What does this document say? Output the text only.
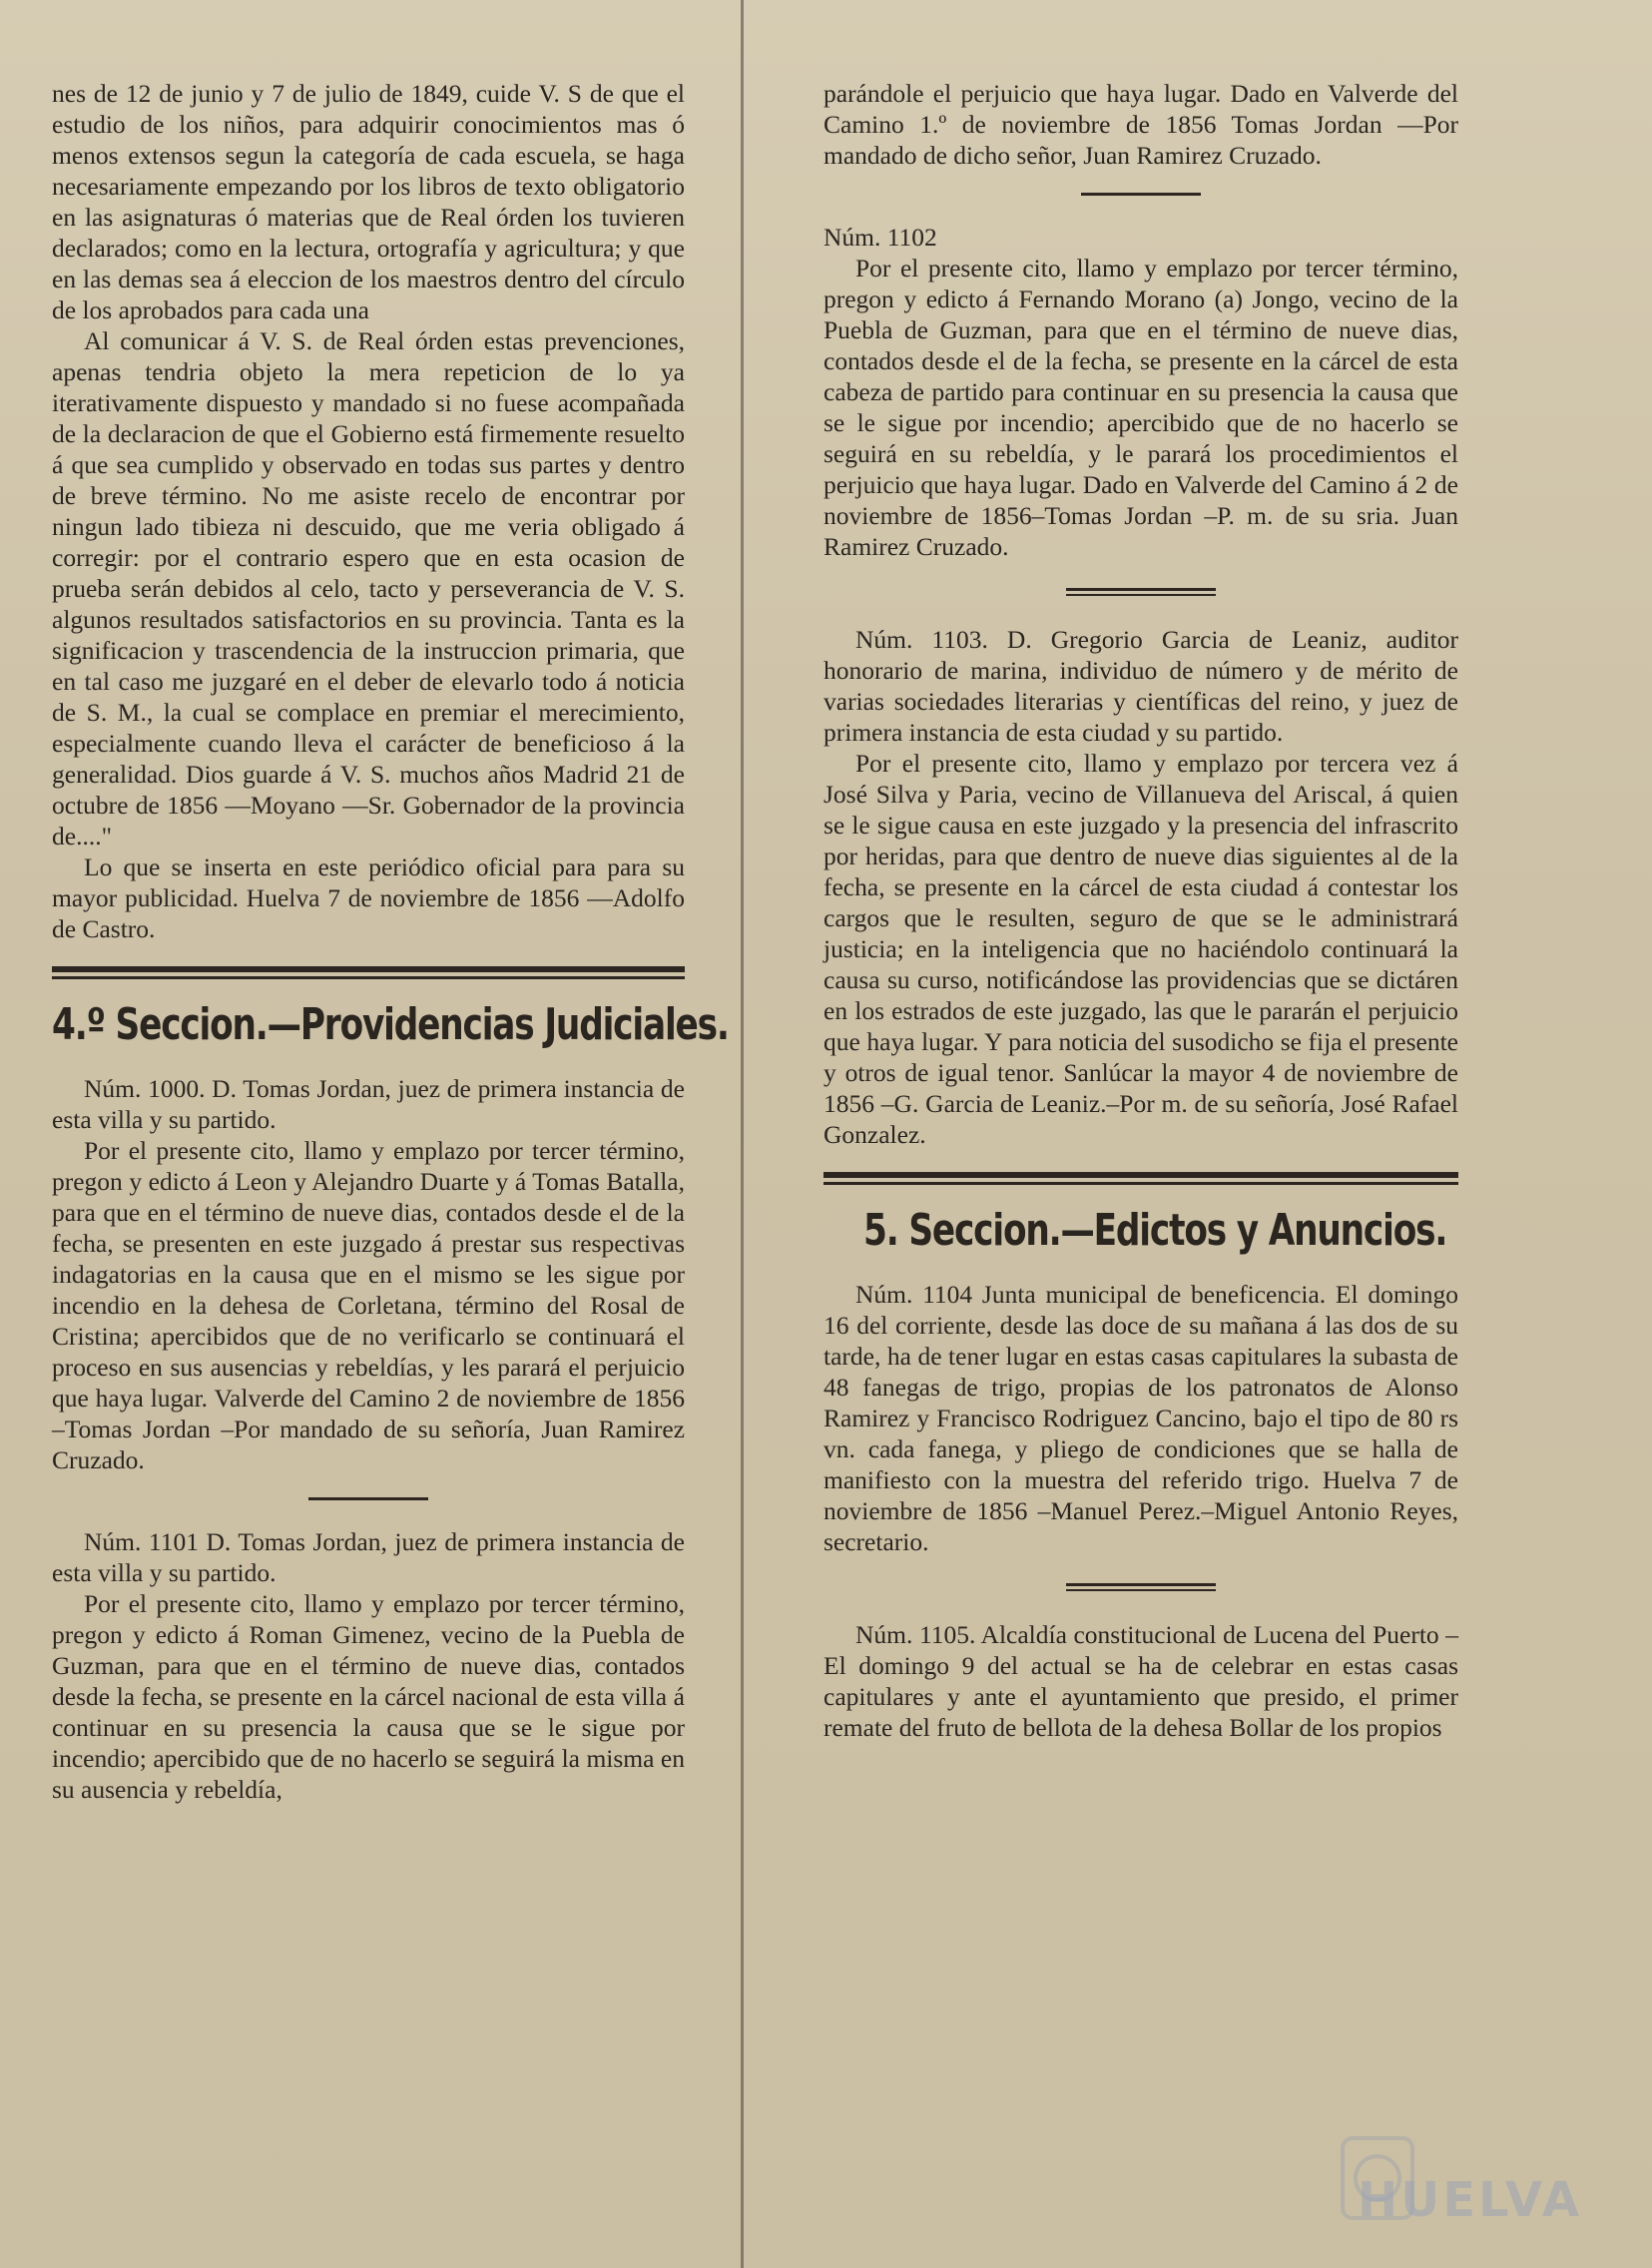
nes de 12 de junio y 7 de julio de 1849, cuide V. S de que el estudio de los niños, para adquirir conocimientos mas ó menos extensos segun la categoría de cada escuela, se haga necesariamente empezando por los libros de texto obligatorio en las asignaturas ó materias que de Real órden los tuvieren declarados; como en la lectura, ortografía y agricultura; y que en las demas sea á eleccion de los maestros dentro del círculo de los aprobados para cada una

Al comunicar á V. S. de Real órden estas prevenciones, apenas tendria objeto la mera repeticion de lo ya iterativamente dispuesto y mandado si no fuese acompañada de la declaracion de que el Gobierno está firmemente resuelto á que sea cumplido y observado en todas sus partes y dentro de breve término. No me asiste recelo de encontrar por ningun lado tibieza ni descuido, que me veria obligado á corregir: por el contrario espero que en esta ocasion de prueba serán debidos al celo, tacto y perseverancia de V. S. algunos resultados satisfactorios en su provincia. Tanta es la significacion y trascendencia de la instruccion primaria, que en tal caso me juzgaré en el deber de elevarlo todo á noticia de S. M., la cual se complace en premiar el merecimiento, especialmente cuando lleva el carácter de beneficioso á la generalidad. Dios guarde á V. S. muchos años Madrid 21 de octubre de 1856 —Moyano —Sr. Gobernador de la provincia de...."

Lo que se inserta en este periódico oficial para para su mayor publicidad. Huelva 7 de noviembre de 1856 —Adolfo de Castro.

4.º Seccion.—Providencias Judiciales.

Núm. 1000. D. Tomas Jordan, juez de primera instancia de esta villa y su partido.

Por el presente cito, llamo y emplazo por tercer término, pregon y edicto á Leon y Alejandro Duarte y á Tomas Batalla, para que en el término de nueve dias, contados desde el de la fecha, se presenten en este juzgado á prestar sus respectivas indagatorias en la causa que en el mismo se les sigue por incendio en la dehesa de Corletana, término del Rosal de Cristina; apercibidos que de no verificarlo se continuará el proceso en sus ausencias y rebeldías, y les parará el perjuicio que haya lugar. Valverde del Camino 2 de noviembre de 1856 –Tomas Jordan –Por mandado de su señoría, Juan Ramirez Cruzado.

Núm. 1101 D. Tomas Jordan, juez de primera instancia de esta villa y su partido.

Por el presente cito, llamo y emplazo por tercer término, pregon y edicto á Roman Gimenez, vecino de la Puebla de Guzman, para que en el término de nueve dias, contados desde la fecha, se presente en la cárcel nacional de esta villa á continuar en su presencia la causa que se le sigue por incendio; apercibido que de no hacerlo se seguirá la misma en su ausencia y rebeldía,

parándole el perjuicio que haya lugar. Dado en Valverde del Camino 1.º de noviembre de 1856 Tomas Jordan —Por mandado de dicho señor, Juan Ramirez Cruzado.

Núm. 1102

Por el presente cito, llamo y emplazo por tercer término, pregon y edicto á Fernando Morano (a) Jongo, vecino de la Puebla de Guzman, para que en el término de nueve dias, contados desde el de la fecha, se presente en la cárcel de esta cabeza de partido para continuar en su presencia la causa que se le sigue por incendio; apercibido que de no hacerlo se seguirá en su rebeldía, y le parará los procedimientos el perjuicio que haya lugar. Dado en Valverde del Camino á 2 de noviembre de 1856–Tomas Jordan –P. m. de su sria. Juan Ramirez Cruzado.

Núm. 1103. D. Gregorio Garcia de Leaniz, auditor honorario de marina, individuo de número y de mérito de varias sociedades literarias y científicas del reino, y juez de primera instancia de esta ciudad y su partido.

Por el presente cito, llamo y emplazo por tercera vez á José Silva y Paria, vecino de Villanueva del Ariscal, á quien se le sigue causa en este juzgado y la presencia del infrascrito por heridas, para que dentro de nueve dias siguientes al de la fecha, se presente en la cárcel de esta ciudad á contestar los cargos que le resulten, seguro de que se le administrará justicia; en la inteligencia que no haciéndolo continuará la causa su curso, notificándose las providencias que se dictáren en los estrados de este juzgado, las que le pararán el perjuicio que haya lugar. Y para noticia del susodicho se fija el presente y otros de igual tenor. Sanlúcar la mayor 4 de noviembre de 1856 –G. Garcia de Leaniz.–Por m. de su señoría, José Rafael Gonzalez.

5. Seccion.—Edictos y Anuncios.

Núm. 1104 Junta municipal de beneficencia. El domingo 16 del corriente, desde las doce de su mañana á las dos de su tarde, ha de tener lugar en estas casas capitulares la subasta de 48 fanegas de trigo, propias de los patronatos de Alonso Ramirez y Francisco Rodriguez Cancino, bajo el tipo de 80 rs vn. cada fanega, y pliego de condiciones que se halla de manifiesto con la muestra del referido trigo. Huelva 7 de noviembre de 1856 –Manuel Perez.–Miguel Antonio Reyes, secretario.

Núm. 1105. Alcaldía constitucional de Lucena del Puerto –El domingo 9 del actual se ha de celebrar en estas casas capitulares y ante el ayuntamiento que presido, el primer remate del fruto de bellota de la dehesa Bollar de los propios

HUELVA
